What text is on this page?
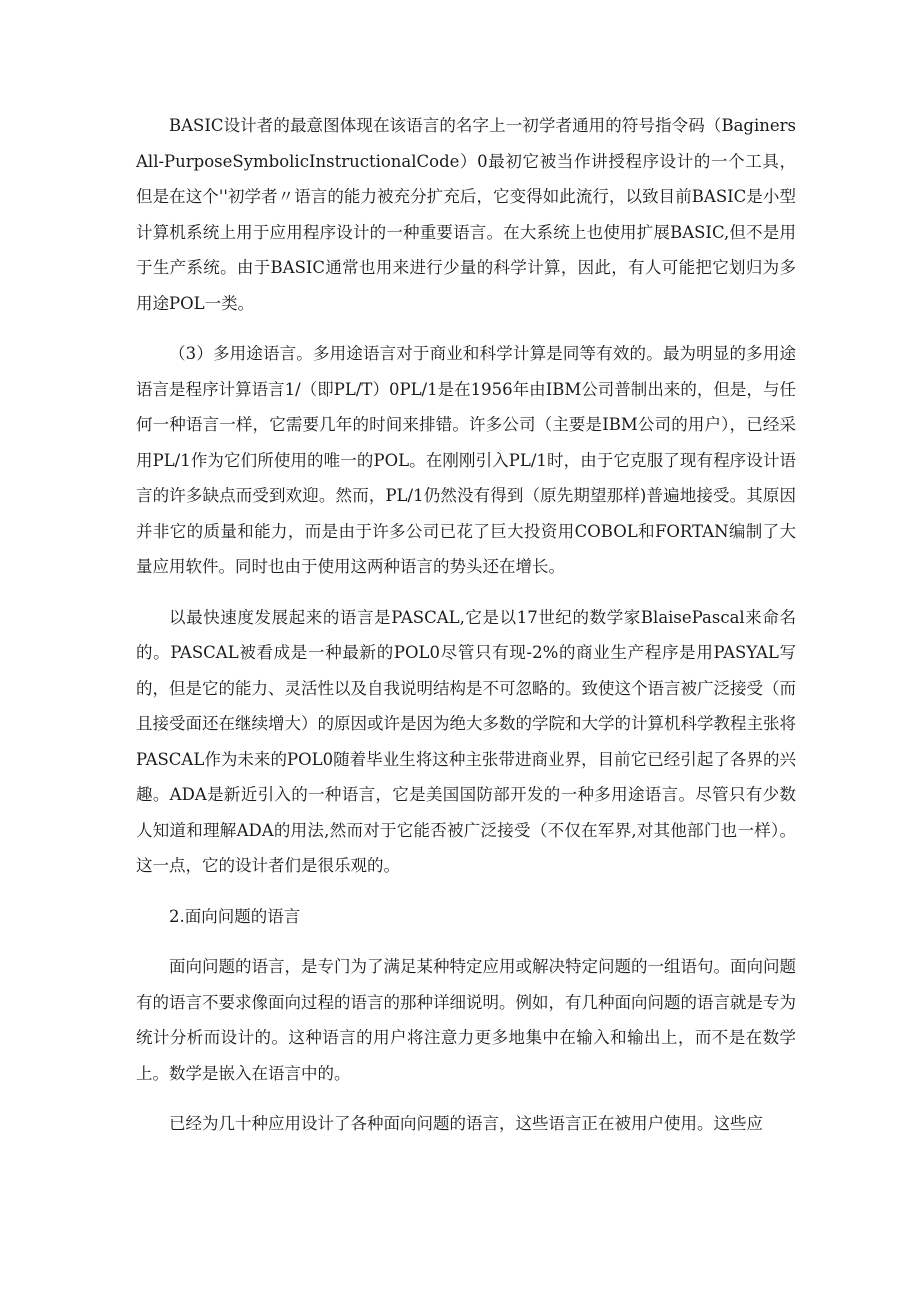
BASIC设计者的最意图体现在该语言的名字上一初学者通用的符号指令码（BaginersAll-PurposeSymbolicInstructionalCode）0最初它被当作讲授程序设计的一个工具，但是在这个''初学者〃语言的能力被充分扩充后，它变得如此流行，以致目前BASIC是小型计算机系统上用于应用程序设计的一种重要语言。在大系统上也使用扩展BASIC,但不是用于生产系统。由于BASIC通常也用来进行少量的科学计算，因此，有人可能把它划归为多用途POL一类。

（3）多用途语言。多用途语言对于商业和科学计算是同等有效的。最为明显的多用途语言是程序计算语言1/（即PL/T）0PL/1是在1956年由IBM公司普制出来的，但是，与任何一种语言一样，它需要几年的时间来排错。许多公司（主要是IBM公司的用户），已经采用PL/1作为它们所使用的唯一的POL。在刚刚引入PL/1时，由于它克服了现有程序设计语言的许多缺点而受到欢迎。然而，PL/1仍然没有得到（原先期望那样)普遍地接受。其原因并非它的质量和能力，而是由于许多公司已花了巨大投资用COBOL和FORTAN编制了大量应用软件。同时也由于使用这两种语言的势头还在增长。

以最快速度发展起来的语言是PASCAL,它是以17世纪的数学家BlaisePascal来命名的。PASCAL被看成是一种最新的POL0尽管只有现-2%的商业生产程序是用PASYAL写的，但是它的能力、灵活性以及自我说明结构是不可忽略的。致使这个语言被广泛接受（而且接受面还在继续增大）的原因或许是因为绝大多数的学院和大学的计算机科学教程主张将PASCAL作为未来的POL0随着毕业生将这种主张带进商业界，目前它已经引起了各界的兴趣。ADA是新近引入的一种语言，它是美国国防部开发的一种多用途语言。尽管只有少数人知道和理解ADA的用法,然而对于它能否被广泛接受（不仅在军界,对其他部门也一样）。这一点，它的设计者们是很乐观的。

2.面向问题的语言

面向问题的语言，是专门为了满足某种特定应用或解决特定问题的一组语句。面向问题有的语言不要求像面向过程的语言的那种详细说明。例如，有几种面向问题的语言就是专为统计分析而设计的。这种语言的用户将注意力更多地集中在输入和输出上，而不是在数学上。数学是嵌入在语言中的。

已经为几十种应用设计了各种面向问题的语言，这些语言正在被用户使用。这些应
